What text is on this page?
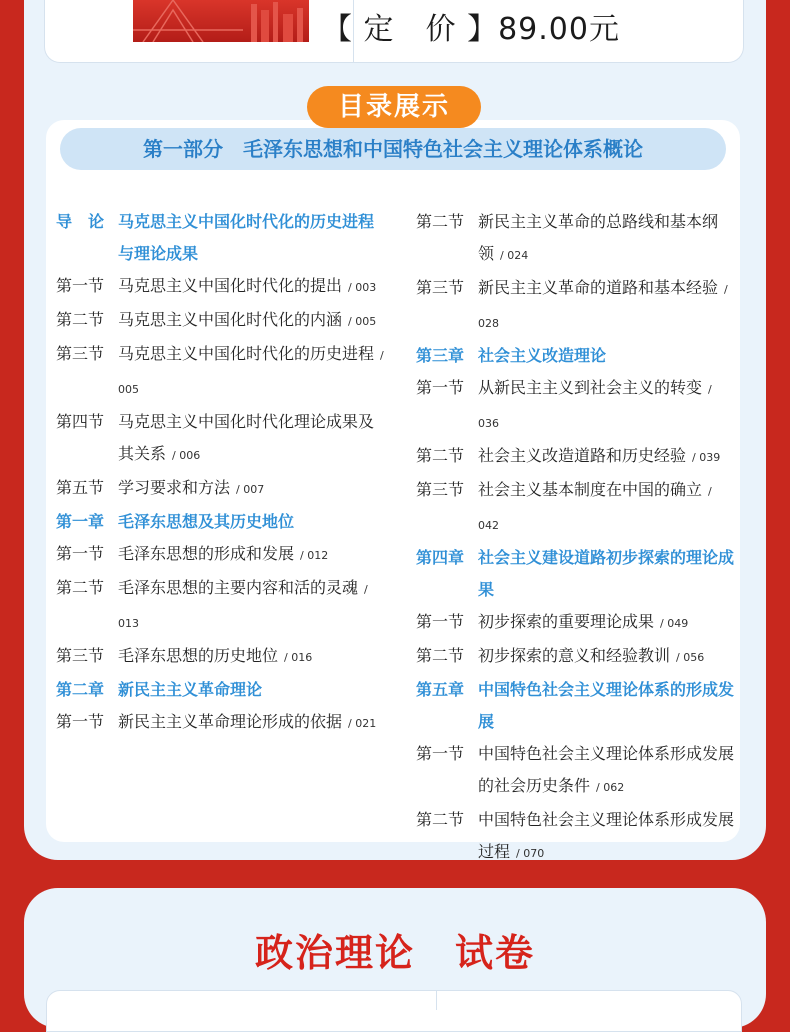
【 定　价 】89.00元
第一部分　毛泽东思想和中国特色社会主义理论体系概论
导　论 马克思主义中国化时代化的历史进程与理论成果
第一节 马克思主义中国化时代化的提出 / 003
第二节 马克思主义中国化时代化的内涵 / 005
第三节 马克思主义中国化时代化的历史进程 / 005
第四节 马克思主义中国化时代化理论成果及其关系 / 006
第五节 学习要求和方法 / 007
第一章 毛泽东思想及其历史地位
第一节 毛泽东思想的形成和发展 / 012
第二节 毛泽东思想的主要内容和活的灵魂 / 013
第三节 毛泽东思想的历史地位 / 016
第二章 新民主主义革命理论
第一节 新民主主义革命理论形成的依据 / 021
第二节 新民主主义革命的总路线和基本纲领 / 024
第三节 新民主主义革命的道路和基本经验 / 028
第三章 社会主义改造理论
第一节 从新民主主义到社会主义的转变 / 036
第二节 社会主义改造道路和历史经验 / 039
第三节 社会主义基本制度在中国的确立 / 042
第四章 社会主义建设道路初步探索的理论成果
第一节 初步探索的重要理论成果 / 049
第二节 初步探索的意义和经验教训 / 056
第五章 中国特色社会主义理论体系的形成发展
第一节 中国特色社会主义理论体系形成发展的社会历史条件 / 062
第二节 中国特色社会主义理论体系形成发展过程 / 070
目录展示
政治理论　试卷
